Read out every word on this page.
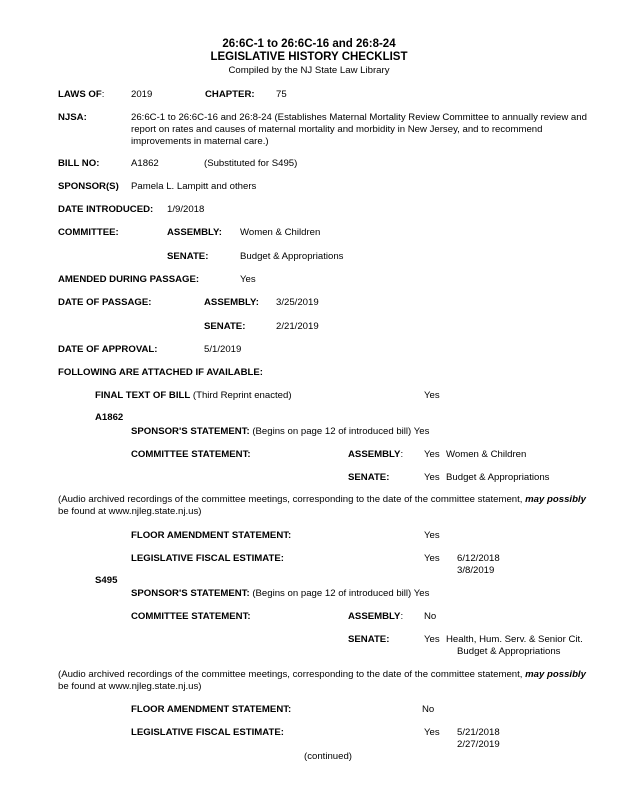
26:6C-1 to 26:6C-16 and 26:8-24
LEGISLATIVE HISTORY CHECKLIST
Compiled by the NJ State Law Library
LAWS OF:	2019	CHAPTER: 75
NJSA:	26:6C-1 to 26:6C-16 and 26:8-24 (Establishes Maternal Mortality Review Committee to annually review and
report on rates and causes of maternal mortality and morbidity in New Jersey, and to recommend
improvements in maternal care.)
BILL NO:	A1862	(Substituted for S495)
SPONSOR(S) Pamela L. Lampitt and others
DATE INTRODUCED: 1/9/2018
COMMITTEE:	ASSEMBLY: Women & Children
SENATE:	Budget & Appropriations
AMENDED DURING PASSAGE:	Yes
DATE OF PASSAGE:	ASSEMBLY: 3/25/2019
SENATE:	2/21/2019
DATE OF APPROVAL:	5/1/2019
FOLLOWING ARE ATTACHED IF AVAILABLE:
FINAL TEXT OF BILL (Third Reprint enacted)	Yes
A1862
SPONSOR'S STATEMENT: (Begins on page 12 of introduced bill) Yes
COMMITTEE STATEMENT:	ASSEMBLY: Yes Women & Children
SENATE:	Yes Budget & Appropriations
(Audio archived recordings of the committee meetings, corresponding to the date of the committee statement, may possibly
be found at www.njleg.state.nj.us)
FLOOR AMENDMENT STATEMENT:	Yes
LEGISLATIVE FISCAL ESTIMATE:	Yes 6/12/2018
3/8/2019
S495
SPONSOR'S STATEMENT: (Begins on page 12 of introduced bill) Yes
COMMITTEE STATEMENT:	ASSEMBLY: No
SENATE:	Yes Health, Hum. Serv. & Senior Cit.
Budget & Appropriations
(Audio archived recordings of the committee meetings, corresponding to the date of the committee statement, may possibly
be found at www.njleg.state.nj.us)
FLOOR AMENDMENT STATEMENT:	No
LEGISLATIVE FISCAL ESTIMATE:	Yes 5/21/2018
2/27/2019
(continued)
